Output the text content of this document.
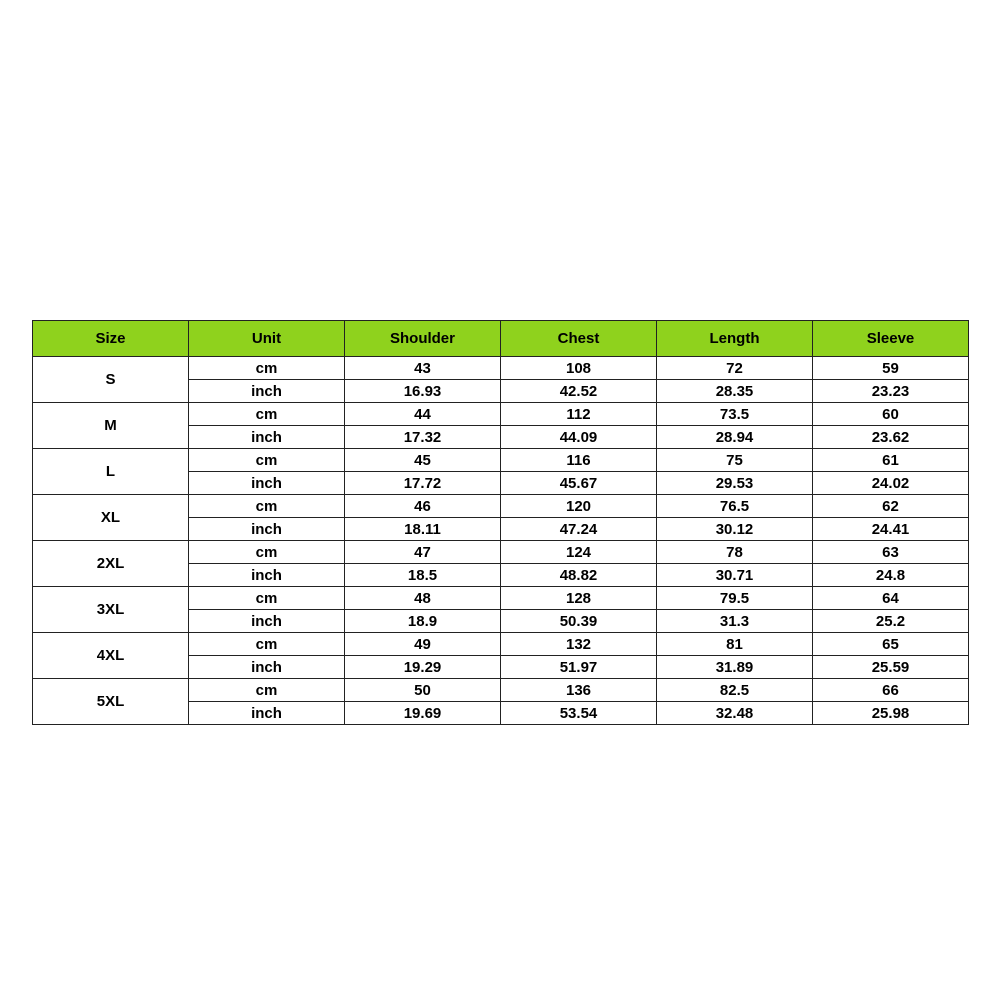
Size	Unit	Shoulder	Chest	Length	Sleeve
S	cm	43	108	72	59
	inch	16.93	42.52	28.35	23.23
M	cm	44	112	73.5	60
	inch	17.32	44.09	28.94	23.62
L	cm	45	116	75	61
	inch	17.72	45.67	29.53	24.02
XL	cm	46	120	76.5	62
	inch	18.11	47.24	30.12	24.41
2XL	cm	47	124	78	63
	inch	18.5	48.82	30.71	24.8
3XL	cm	48	128	79.5	64
	inch	18.9	50.39	31.3	25.2
4XL	cm	49	132	81	65
	inch	19.29	51.97	31.89	25.59
5XL	cm	50	136	82.5	66
	inch	19.69	53.54	32.48	25.98
